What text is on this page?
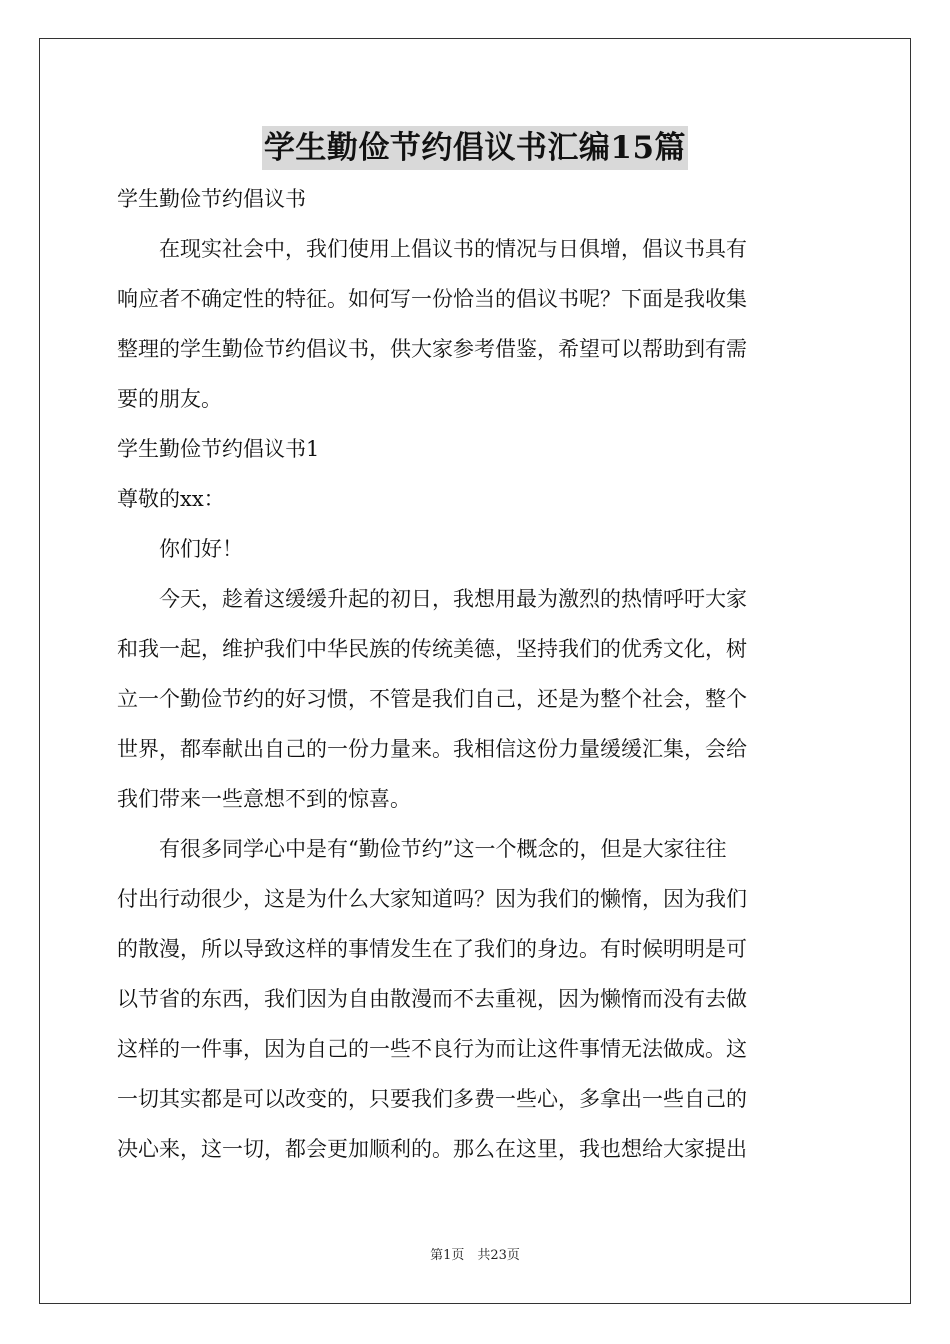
学生勤俭节约倡议书汇编15篇
学生勤俭节约倡议书
在现实社会中，我们使用上倡议书的情况与日俱增，倡议书具有
响应者不确定性的特征。如何写一份恰当的倡议书呢？下面是我收集
整理的学生勤俭节约倡议书，供大家参考借鉴，希望可以帮助到有需
要的朋友。
学生勤俭节约倡议书1
尊敬的xx：
你们好！
今天，趁着这缓缓升起的初日，我想用最为激烈的热情呼吁大家
和我一起，维护我们中华民族的传统美德，坚持我们的优秀文化，树
立一个勤俭节约的好习惯，不管是我们自己，还是为整个社会，整个
世界，都奉献出自己的一份力量来。我相信这份力量缓缓汇集，会给
我们带来一些意想不到的惊喜。
有很多同学心中是有“勤俭节约”这一个概念的，但是大家往往
付出行动很少，这是为什么大家知道吗？因为我们的懒惰，因为我们
的散漫，所以导致这样的事情发生在了我们的身边。有时候明明是可
以节省的东西，我们因为自由散漫而不去重视，因为懒惰而没有去做
这样的一件事，因为自己的一些不良行为而让这件事情无法做成。这
一切其实都是可以改变的，只要我们多费一些心，多拿出一些自己的
决心来，这一切，都会更加顺利的。那么在这里，我也想给大家提出
第1页　共23页
